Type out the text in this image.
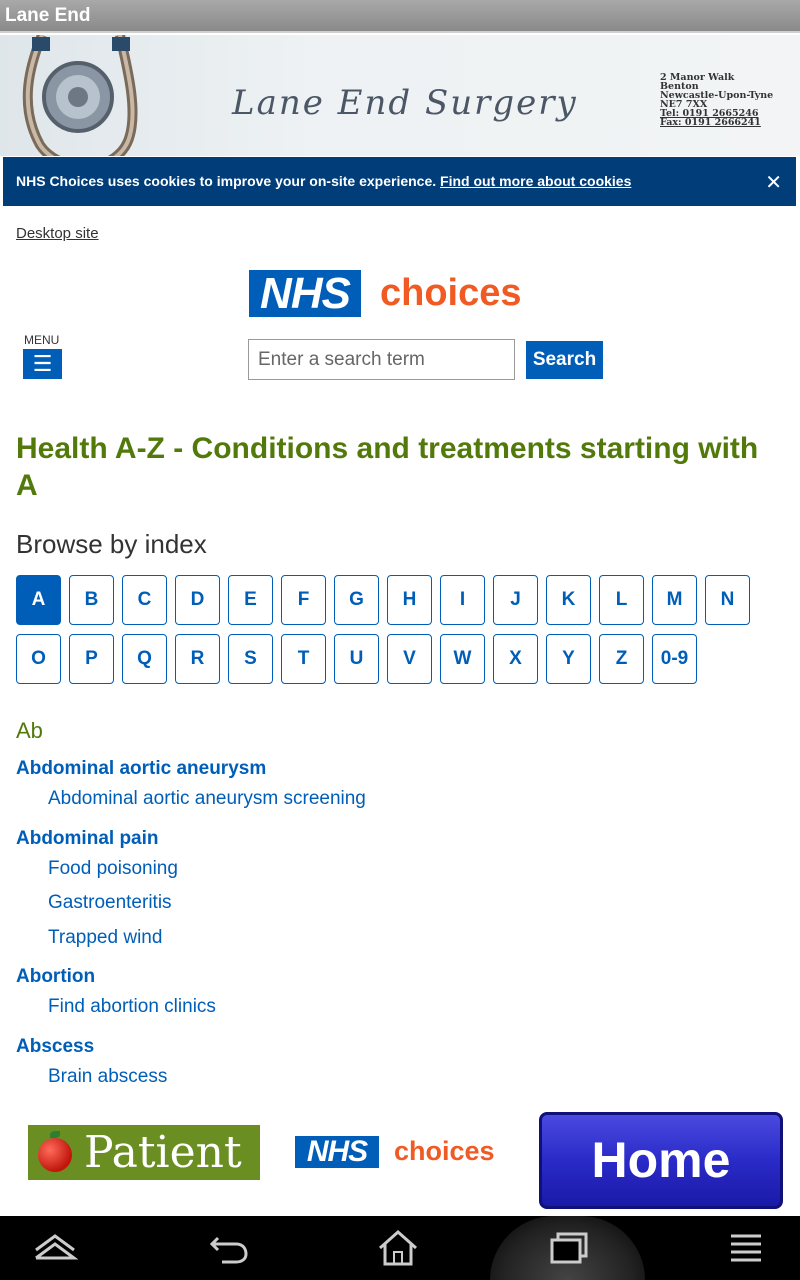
Lane End
Lane End Surgery
2 Manor Walk
Benton
Newcastle-Upon-Tyne
NE7 7XX
Tel: 0191 2665246
Fax: 0191 2666241
NHS Choices uses cookies to improve your on-site experience. Find out more about cookies	✕
Desktop site
NHS choices
MENU
☰
Enter a search term	Search
Health A-Z - Conditions and treatments starting with A
Browse by index
A	B	C	D	E	F	G	H	I	J	K	L	M	N
O	P	Q	R	S	T	U	V	W	X	Y	Z	0-9
Ab
Abdominal aortic aneurysm
Abdominal aortic aneurysm screening
Abdominal pain
Food poisoning
Gastroenteritis
Trapped wind
Abortion
Find abortion clinics
Abscess
Brain abscess
Patient	NHS choices	Home
